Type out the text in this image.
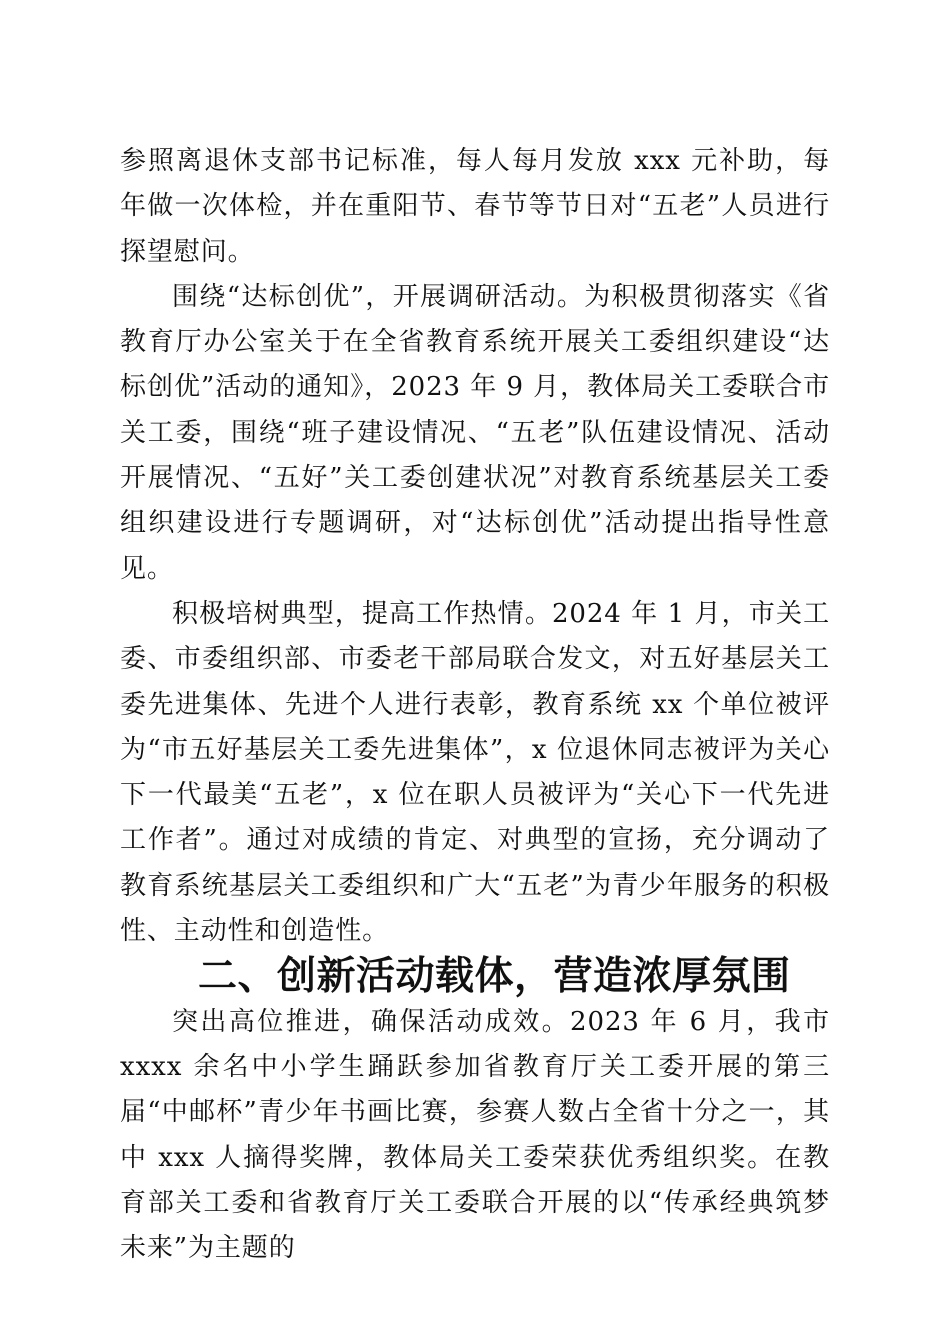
参照离退休支部书记标准，每人每月发放 xxx 元补助，每年做一次体检，并在重阳节、春节等节日对“五老”人员进行探望慰问。

围绕“达标创优”，开展调研活动。为积极贯彻落实《省教育厅办公室关于在全省教育系统开展关工委组织建设“达标创优”活动的通知》，2023 年 9 月，教体局关工委联合市关工委，围绕“班子建设情况、“五老”队伍建设情况、活动开展情况、“五好”关工委创建状况”对教育系统基层关工委组织建设进行专题调研，对“达标创优”活动提出指导性意见。

积极培树典型，提高工作热情。2024 年 1 月，市关工委、市委组织部、市委老干部局联合发文，对五好基层关工委先进集体、先进个人进行表彰，教育系统 xx 个单位被评为“市五好基层关工委先进集体”，x 位退休同志被评为关心下一代最美“五老”，x 位在职人员被评为“关心下一代先进工作者”。通过对成绩的肯定、对典型的宣扬，充分调动了教育系统基层关工委组织和广大“五老”为青少年服务的积极性、主动性和创造性。

二、创新活动载体，营造浓厚氛围

突出高位推进，确保活动成效。2023 年 6 月，我市 xxxx 余名中小学生踊跃参加省教育厅关工委开展的第三届“中邮杯”青少年书画比赛，参赛人数占全省十分之一，其中 xxx 人摘得奖牌，教体局关工委荣获优秀组织奖。在教育部关工委和省教育厅关工委联合开展的以“传承经典筑梦未来”为主题的
